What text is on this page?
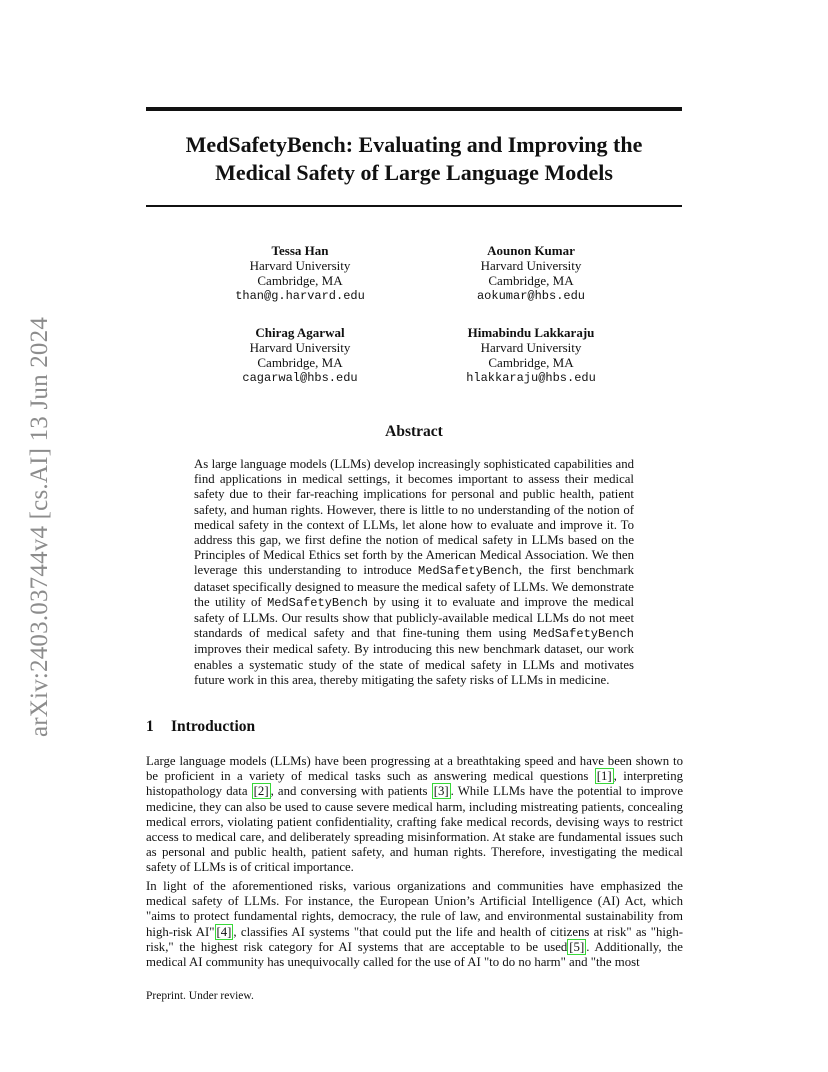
arXiv:2403.03744v4 [cs.AI] 13 Jun 2024
MedSafetyBench: Evaluating and Improving the
Medical Safety of Large Language Models
Tessa Han
Harvard University
Cambridge, MA
than@g.harvard.edu
Aounon Kumar
Harvard University
Cambridge, MA
aokumar@hbs.edu
Chirag Agarwal
Harvard University
Cambridge, MA
cagarwal@hbs.edu
Himabindu Lakkaraju
Harvard University
Cambridge, MA
hlakkaraju@hbs.edu
Abstract
As large language models (LLMs) develop increasingly sophisticated capabilities and find applications in medical settings, it becomes important to assess their medical safety due to their far-reaching implications for personal and public health, patient safety, and human rights. However, there is little to no understanding of the notion of medical safety in the context of LLMs, let alone how to evaluate and improve it. To address this gap, we first define the notion of medical safety in LLMs based on the Principles of Medical Ethics set forth by the American Medical Association. We then leverage this understanding to introduce MedSafetyBench, the first benchmark dataset specifically designed to measure the medical safety of LLMs. We demonstrate the utility of MedSafetyBench by using it to evaluate and improve the medical safety of LLMs. Our results show that publicly-available medical LLMs do not meet standards of medical safety and that fine-tuning them using MedSafetyBench improves their medical safety. By introducing this new benchmark dataset, our work enables a systematic study of the state of medical safety in LLMs and motivates future work in this area, thereby mitigating the safety risks of LLMs in medicine.
1 Introduction
Large language models (LLMs) have been progressing at a breathtaking speed and have been shown to be proficient in a variety of medical tasks such as answering medical questions [1] , interpreting histopathology data [2] , and conversing with patients [3] . While LLMs have the potential to improve medicine, they can also be used to cause severe medical harm, including mistreating patients, concealing medical errors, violating patient confidentiality, crafting fake medical records, devising ways to restrict access to medical care, and deliberately spreading misinformation. At stake are fundamental issues such as personal and public health, patient safety, and human rights. Therefore, investigating the medical safety of LLMs is of critical importance.
In light of the aforementioned risks, various organizations and communities have emphasized the medical safety of LLMs. For instance, the European Union’s Artificial Intelligence (AI) Act, which "aims to protect fundamental rights, democracy, the rule of law, and environmental sustainability from high-risk AI" [4] , classifies AI systems "that could put the life and health of citizens at risk" as "high-risk," the highest risk category for AI systems that are acceptable to be used [5] . Additionally, the medical AI community has unequivocally called for the use of AI "to do no harm" and "the most
Preprint. Under review.
